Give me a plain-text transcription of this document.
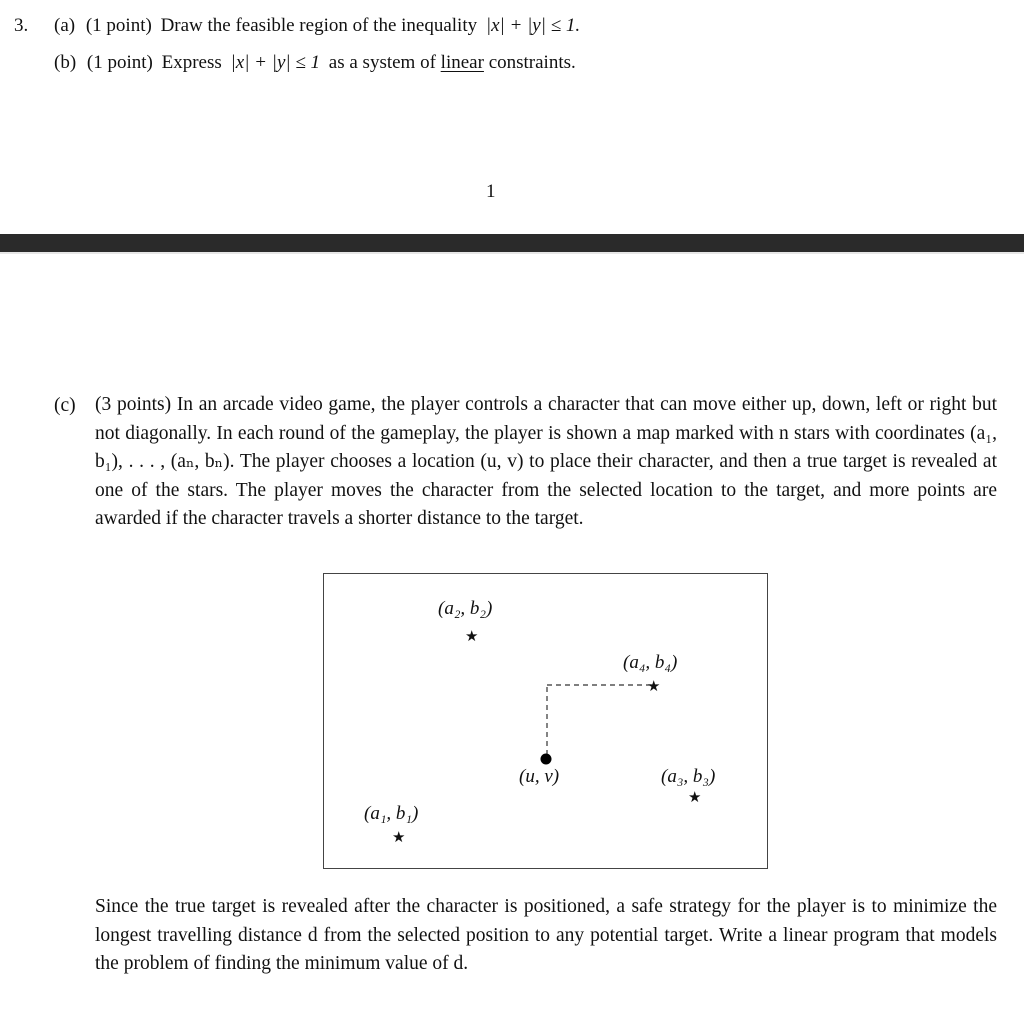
3. (a) (1 point) Draw the feasible region of the inequality |x| + |y| ≤ 1.
(b) (1 point) Express |x| + |y| ≤ 1 as a system of linear constraints.
1
(c) (3 points) In an arcade video game, the player controls a character that can move either up, down, left or right but not diagonally. In each round of the gameplay, the player is shown a map marked with n stars with coordinates (a₁, b₁), . . . , (aₙ, bₙ). The player chooses a location (u, v) to place their character, and then a true target is revealed at one of the stars. The player moves the character from the selected location to the target, and more points are awarded if the character travels a shorter distance to the target.
(a₂, b₂)
★
(a₄, b₄)
★
(u, v)	(a₃, b₃)
★
(a₁, b₁)
★
Since the true target is revealed after the character is positioned, a safe strategy for the player is to minimize the longest travelling distance d from the selected position to any potential target. Write a linear program that models the problem of finding the minimum value of d.
